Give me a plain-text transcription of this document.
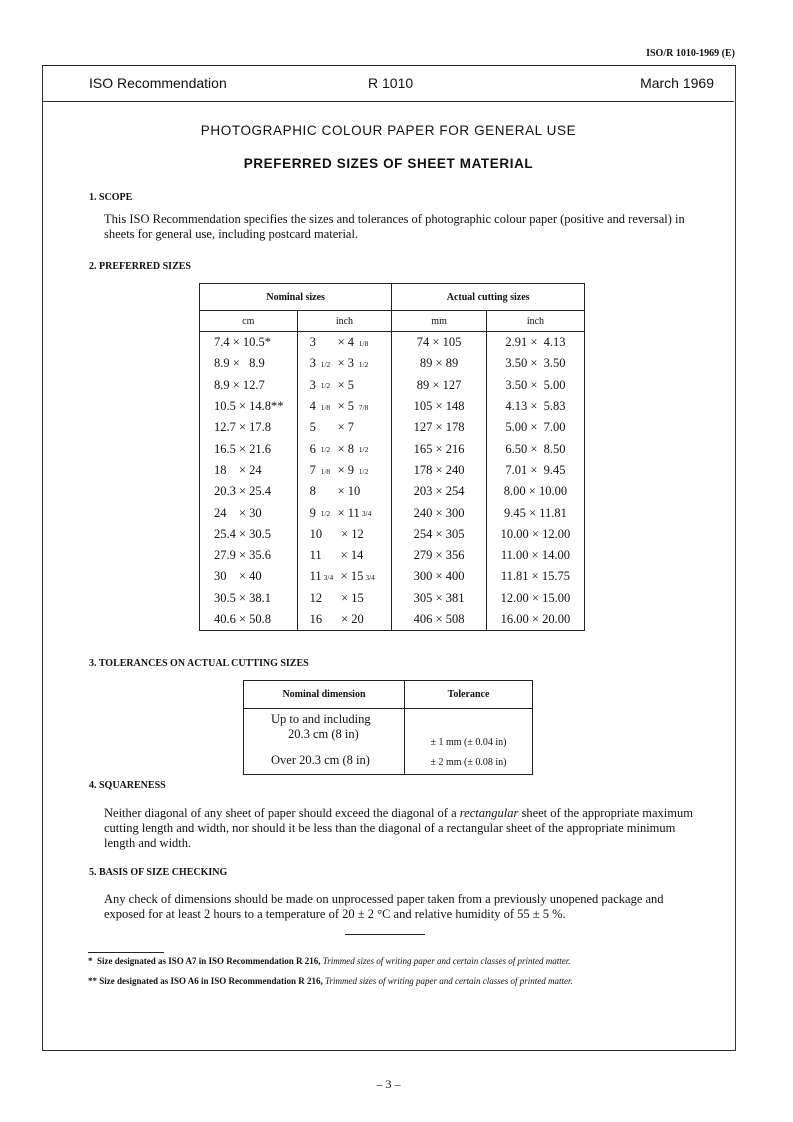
ISO/R 1010-1969 (E)
ISO Recommendation	R 1010	March 1969
PHOTOGRAPHIC COLOUR PAPER FOR GENERAL USE
PREFERRED SIZES OF SHEET MATERIAL
1. SCOPE
This ISO Recommendation specifies the sizes and tolerances of photographic colour paper (positive and reversal) in sheets for general use, including postcard material.
2. PREFERRED SIZES
Nominal sizes		Actual cutting sizes	
cm	inch	mm	inch
7.4 × 10.5*	3 × 4 1/8	74 × 105	2.91 ×  4.13
8.9 ×   8.9	3 1/2 × 3 1/2	89 × 89	3.50 ×  3.50
8.9 × 12.7	3 1/2 × 5	89 × 127	3.50 ×  5.00
10.5 × 14.8**	4 1/8 × 5 7/8	105 × 148	4.13 ×  5.83
12.7 × 17.8	5 × 7	127 × 178	5.00 ×  7.00
16.5 × 21.6	6 1/2 × 8 1/2	165 × 216	6.50 ×  8.50
18    × 24	7 1/8 × 9 1/2	178 × 240	7.01 ×  9.45
20.3 × 25.4	8 × 10	203 × 254	8.00 × 10.00
24    × 30	9 1/2 × 11 3/4	240 × 300	9.45 × 11.81
25.4 × 30.5	10 × 12	254 × 305	10.00 × 12.00
27.9 × 35.6	11 × 14	279 × 356	11.00 × 14.00
30    × 40	11 3/4 × 15 3/4	300 × 400	11.81 × 15.75
30.5 × 38.1	12 × 15	305 × 381	12.00 × 15.00
40.6 × 50.8	16 × 20	406 × 508	16.00 × 20.00
3. TOLERANCES ON ACTUAL CUTTING SIZES
Nominal dimension	Tolerance

Up to and including
20.3 cm (8 in)	± 1 mm (± 0.04 in)
Over 20.3 cm (8 in)	± 2 mm (± 0.08 in)
4. SQUARENESS
Neither diagonal of any sheet of paper should exceed the diagonal of a rectangular sheet of the appropriate maximum cutting length and width, nor should it be less than the diagonal of a rectangular sheet of the appropriate minimum length and width.
5. BASIS OF SIZE CHECKING
Any check of dimensions should be made on unprocessed paper taken from a previously unopened package and exposed for at least 2 hours to a temperature of 20 ± 2 °C and relative humidity of 55 ± 5 %.
* Size designated as ISO A7 in ISO Recommendation R 216, Trimmed sizes of writing paper and certain classes of printed matter.
** Size designated as ISO A6 in ISO Recommendation R 216, Trimmed sizes of writing paper and certain classes of printed matter.
– 3 –
